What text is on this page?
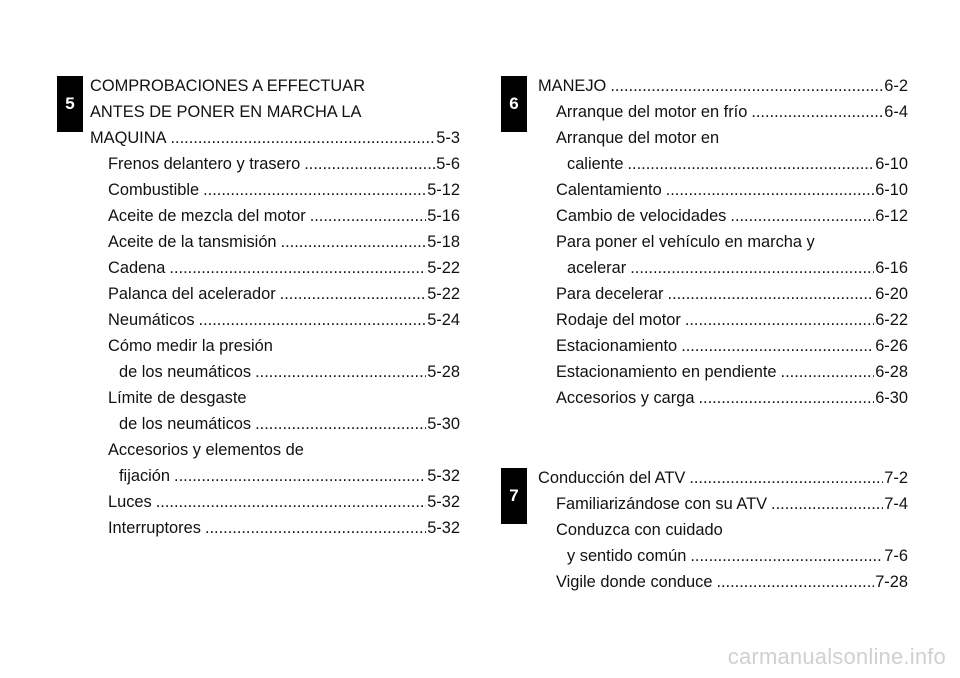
5	6
7
COMPROBACIONES A EFFECTUAR
ANTES DE PONER EN MARCHA LA
MAQUINA .....	5-3
Frenos delantero y trasero .....	5-6
Combustible .....	5-12
Aceite de mezcla del motor .....	5-16
Aceite de la tansmisión .....	5-18
Cadena .....	5-22
Palanca del acelerador .....	5-22
Neumáticos .....	5-24
Cómo medir la presión
de los neumáticos .....	5-28
Límite de desgaste
de los neumáticos .....	5-30
Accesorios y elementos de
fijación .....	5-32
Luces .....	5-32
Interruptores .....	5-32
MANEJO .....	6-2
Arranque del motor en frío .....	6-4
Arranque del motor en
caliente .....	6-10
Calentamiento .....	6-10
Cambio de velocidades .....	6-12
Para poner el vehículo en marcha y
acelerar .....	6-16
Para decelerar .....	6-20
Rodaje del motor .....	6-22
Estacionamiento .....	6-26
Estacionamiento en pendiente .....	6-28
Accesorios y carga .....	6-30
Conducción del ATV .....	7-2
Familiarizándose con su ATV .....	7-4
Conduzca con cuidado
y sentido común .....	7-6
Vigile donde conduce .....	7-28
carmanualsonline.info
